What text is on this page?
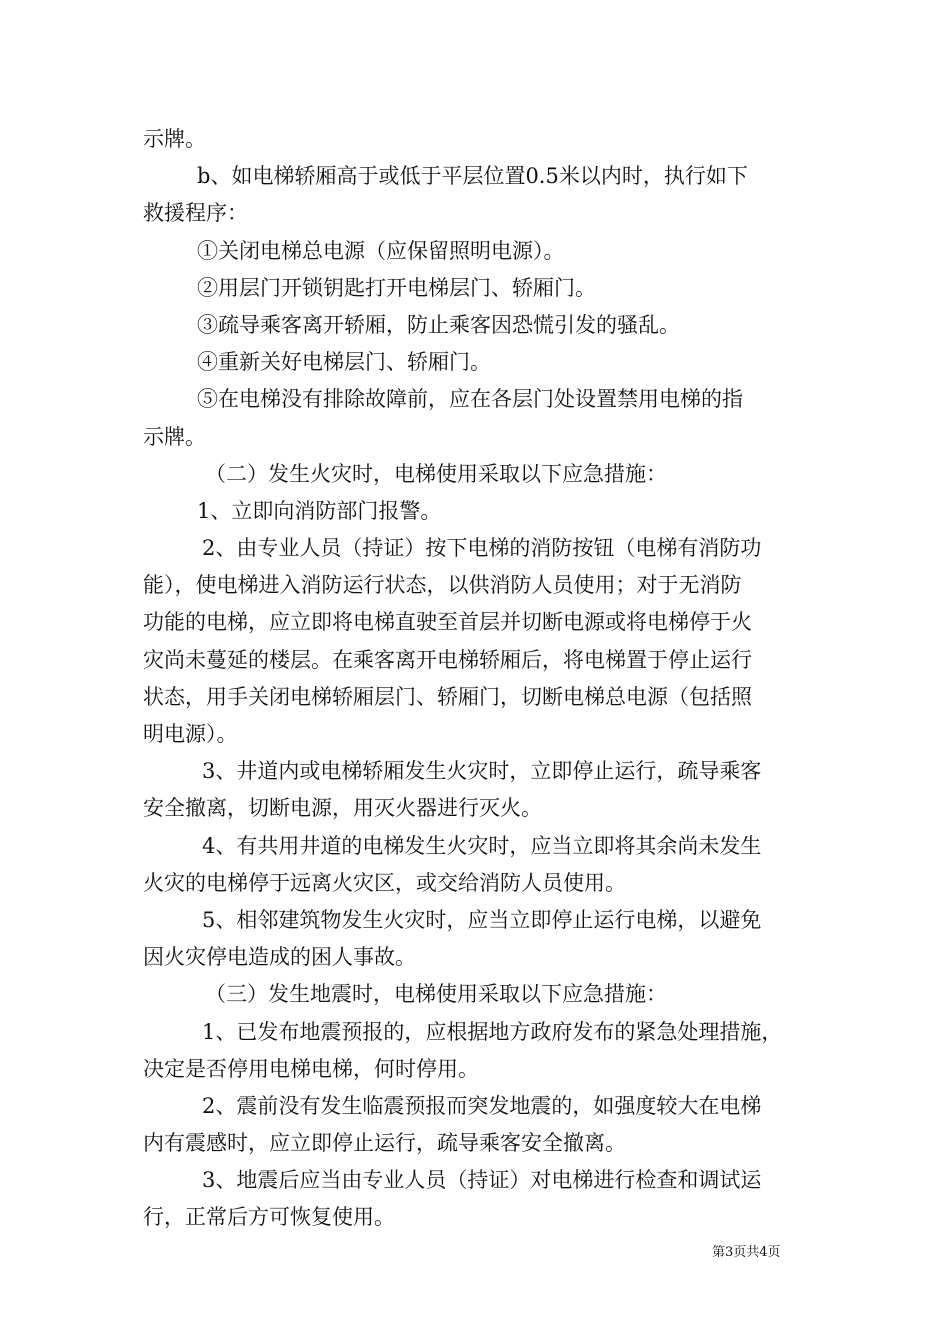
示牌。
b、如电梯轿厢高于或低于平层位置0.5米以内时，执行如下
救援程序：
①关闭电梯总电源（应保留照明电源）。
②用层门开锁钥匙打开电梯层门、轿厢门。
③疏导乘客离开轿厢，防止乘客因恐慌引发的骚乱。
④重新关好电梯层门、轿厢门。
⑤在电梯没有排除故障前，应在各层门处设置禁用电梯的指
示牌。
（二）发生火灾时，电梯使用采取以下应急措施：
1、立即向消防部门报警。
2、由专业人员（持证）按下电梯的消防按钮（电梯有消防功
能），使电梯进入消防运行状态，以供消防人员使用；对于无消防
功能的电梯，应立即将电梯直驶至首层并切断电源或将电梯停于火
灾尚未蔓延的楼层。在乘客离开电梯轿厢后，将电梯置于停止运行
状态，用手关闭电梯轿厢层门、轿厢门，切断电梯总电源（包括照
明电源）。
3、井道内或电梯轿厢发生火灾时，立即停止运行，疏导乘客
安全撤离，切断电源，用灭火器进行灭火。
4、有共用井道的电梯发生火灾时，应当立即将其余尚未发生
火灾的电梯停于远离火灾区，或交给消防人员使用。
5、相邻建筑物发生火灾时，应当立即停止运行电梯，以避免
因火灾停电造成的困人事故。
（三）发生地震时，电梯使用采取以下应急措施：
1、已发布地震预报的，应根据地方政府发布的紧急处理措施，
决定是否停用电梯电梯，何时停用。
2、震前没有发生临震预报而突发地震的，如强度较大在电梯
内有震感时，应立即停止运行，疏导乘客安全撤离。
3、地震后应当由专业人员（持证）对电梯进行检查和调试运
行，正常后方可恢复使用。
第3页共4页
